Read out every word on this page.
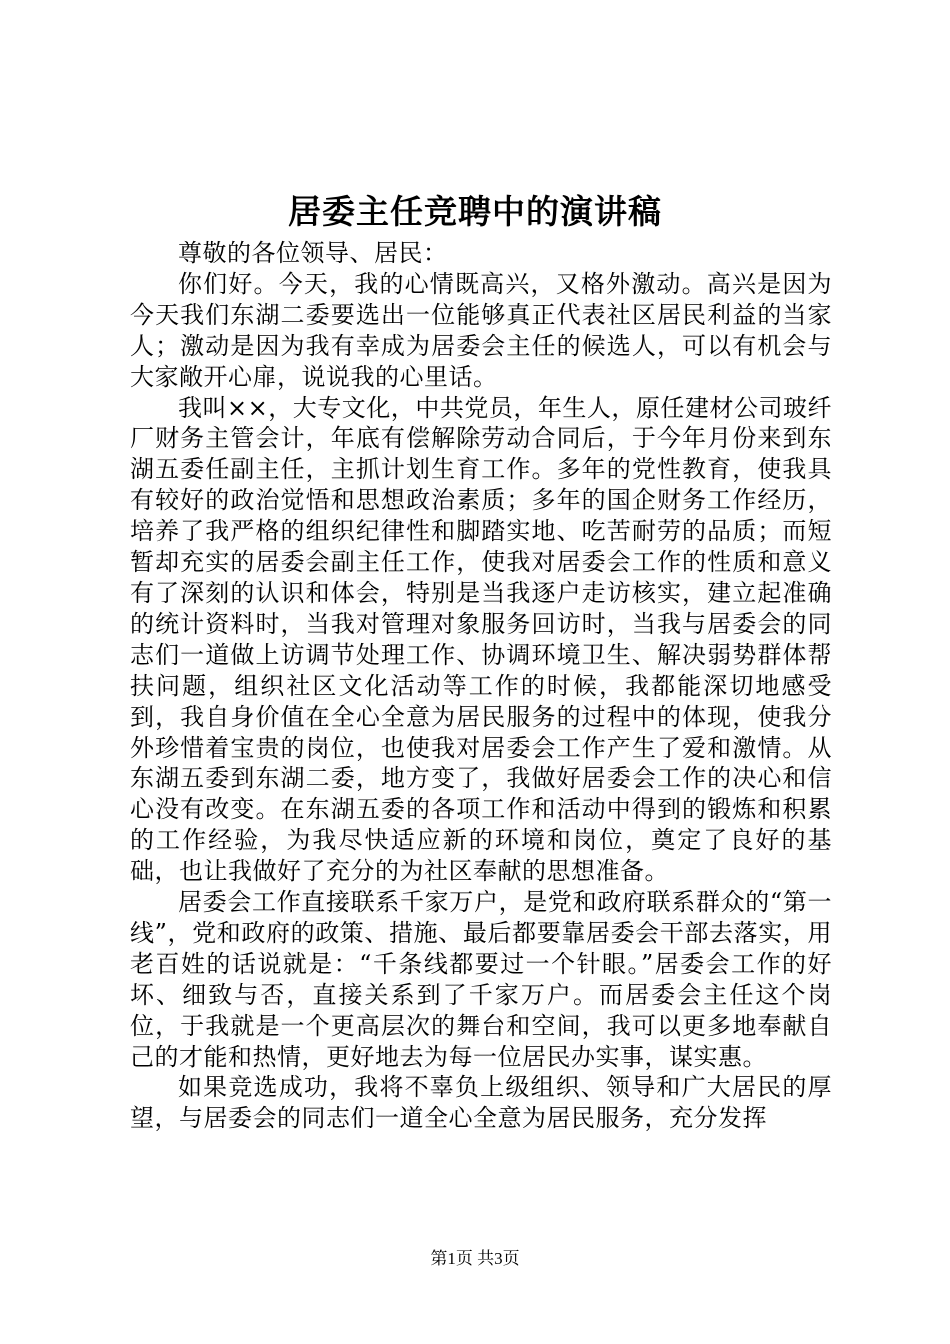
居委主任竞聘中的演讲稿

尊敬的各位领导、居民：

你们好。今天，我的心情既高兴，又格外激动。高兴是因为今天我们东湖二委要选出一位能够真正代表社区居民利益的当家人；激动是因为我有幸成为居委会主任的候选人，可以有机会与大家敞开心扉，说说我的心里话。

我叫××，大专文化，中共党员，年生人，原任建材公司玻纤厂财务主管会计，年底有偿解除劳动合同后，于今年月份来到东湖五委任副主任，主抓计划生育工作。多年的党性教育，使我具有较好的政治觉悟和思想政治素质；多年的国企财务工作经历，培养了我严格的组织纪律性和脚踏实地、吃苦耐劳的品质；而短暂却充实的居委会副主任工作，使我对居委会工作的性质和意义有了深刻的认识和体会，特别是当我逐户走访核实，建立起准确的统计资料时，当我对管理对象服务回访时，当我与居委会的同志们一道做上访调节处理工作、协调环境卫生、解决弱势群体帮扶问题，组织社区文化活动等工作的时候，我都能深切地感受到，我自身价值在全心全意为居民服务的过程中的体现，使我分外珍惜着宝贵的岗位，也使我对居委会工作产生了爱和激情。从东湖五委到东湖二委，地方变了，我做好居委会工作的决心和信心没有改变。在东湖五委的各项工作和活动中得到的锻炼和积累的工作经验，为我尽快适应新的环境和岗位，奠定了良好的基础，也让我做好了充分的为社区奉献的思想准备。

居委会工作直接联系千家万户，是党和政府联系群众的“第一线”，党和政府的政策、措施、最后都要靠居委会干部去落实，用老百姓的话说就是：“千条线都要过一个针眼。”居委会工作的好坏、细致与否，直接关系到了千家万户。而居委会主任这个岗位，于我就是一个更高层次的舞台和空间，我可以更多地奉献自己的才能和热情，更好地去为每一位居民办实事，谋实惠。

如果竞选成功，我将不辜负上级组织、领导和广大居民的厚望，与居委会的同志们一道全心全意为居民服务，充分发挥

第1页 共3页
